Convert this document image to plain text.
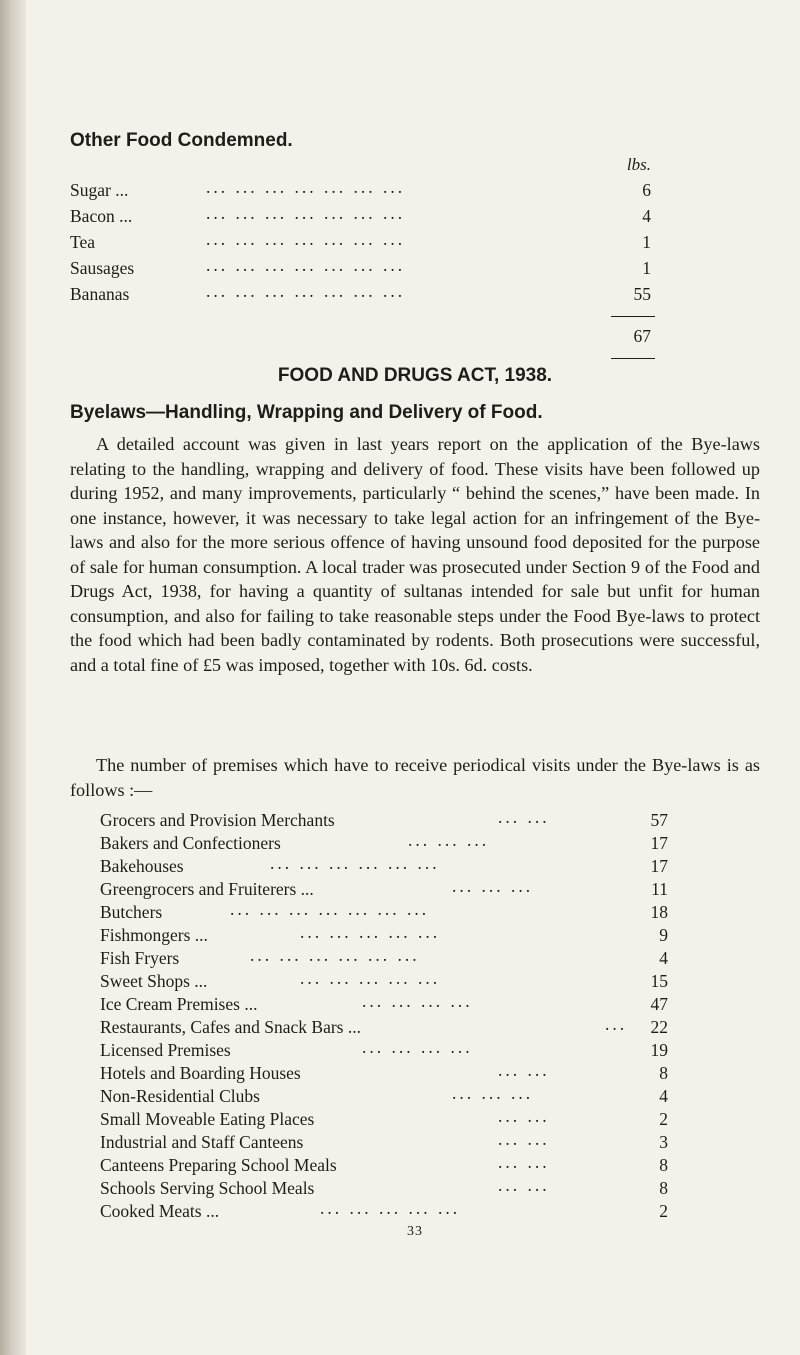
Other Food Condemned.
lbs.
Sugar ...	... ... ... ... ... ... ...	6
Bacon ...	... ... ... ... ... ... ...	4
Tea	... ... ... ... ... ... ...	1
Sausages	... ... ... ... ... ... ...	1
Bananas	... ... ... ... ... ... ...	55
67
FOOD AND DRUGS ACT, 1938.
Byelaws—Handling, Wrapping and Delivery of Food.

A detailed account was given in last years report on the application of the Bye-laws relating to the handling, wrapping and delivery of food. These visits have been followed up during 1952, and many improvements, particularly “ behind the scenes,” have been made. In one instance, however, it was necessary to take legal action for an infringement of the Bye-laws and also for the more serious offence of having unsound food deposited for the purpose of sale for human consumption. A local trader was prosecuted under Section 9 of the Food and Drugs Act, 1938, for having a quantity of sultanas intended for sale but unfit for human consumption, and also for failing to take reasonable steps under the Food Bye-laws to protect the food which had been badly contaminated by rodents. Both prosecutions were successful, and a total fine of £5 was imposed, together with 10s. 6d. costs.

The number of premises which have to receive periodical visits under the Bye-laws is as follows :—

Grocers and Provision Merchants	... ...	57
Bakers and Confectioners	... ... ...	17
Bakehouses	... ... ... ... ... ...	17
Greengrocers and Fruiterers ...	... ... ...	11
Butchers	... ... ... ... ... ... ...	18
Fishmongers ...	... ... ... ... ...	9
Fish Fryers	... ... ... ... ... ...	4
Sweet Shops ...	... ... ... ... ...	15
Ice Cream Premises ...	... ... ... ...	47
Restaurants, Cafes and Snack Bars ...	... 22
Licensed Premises	... ... ... ...	19
Hotels and Boarding Houses	... ...	8
Non-Residential Clubs	... ... ...	4
Small Moveable Eating Places	... ...	2
Industrial and Staff Canteens	... ...	3
Canteens Preparing School Meals	... ...	8
Schools Serving School Meals	... ...	8
Cooked Meats ...	... ... ... ... ...	2
33
